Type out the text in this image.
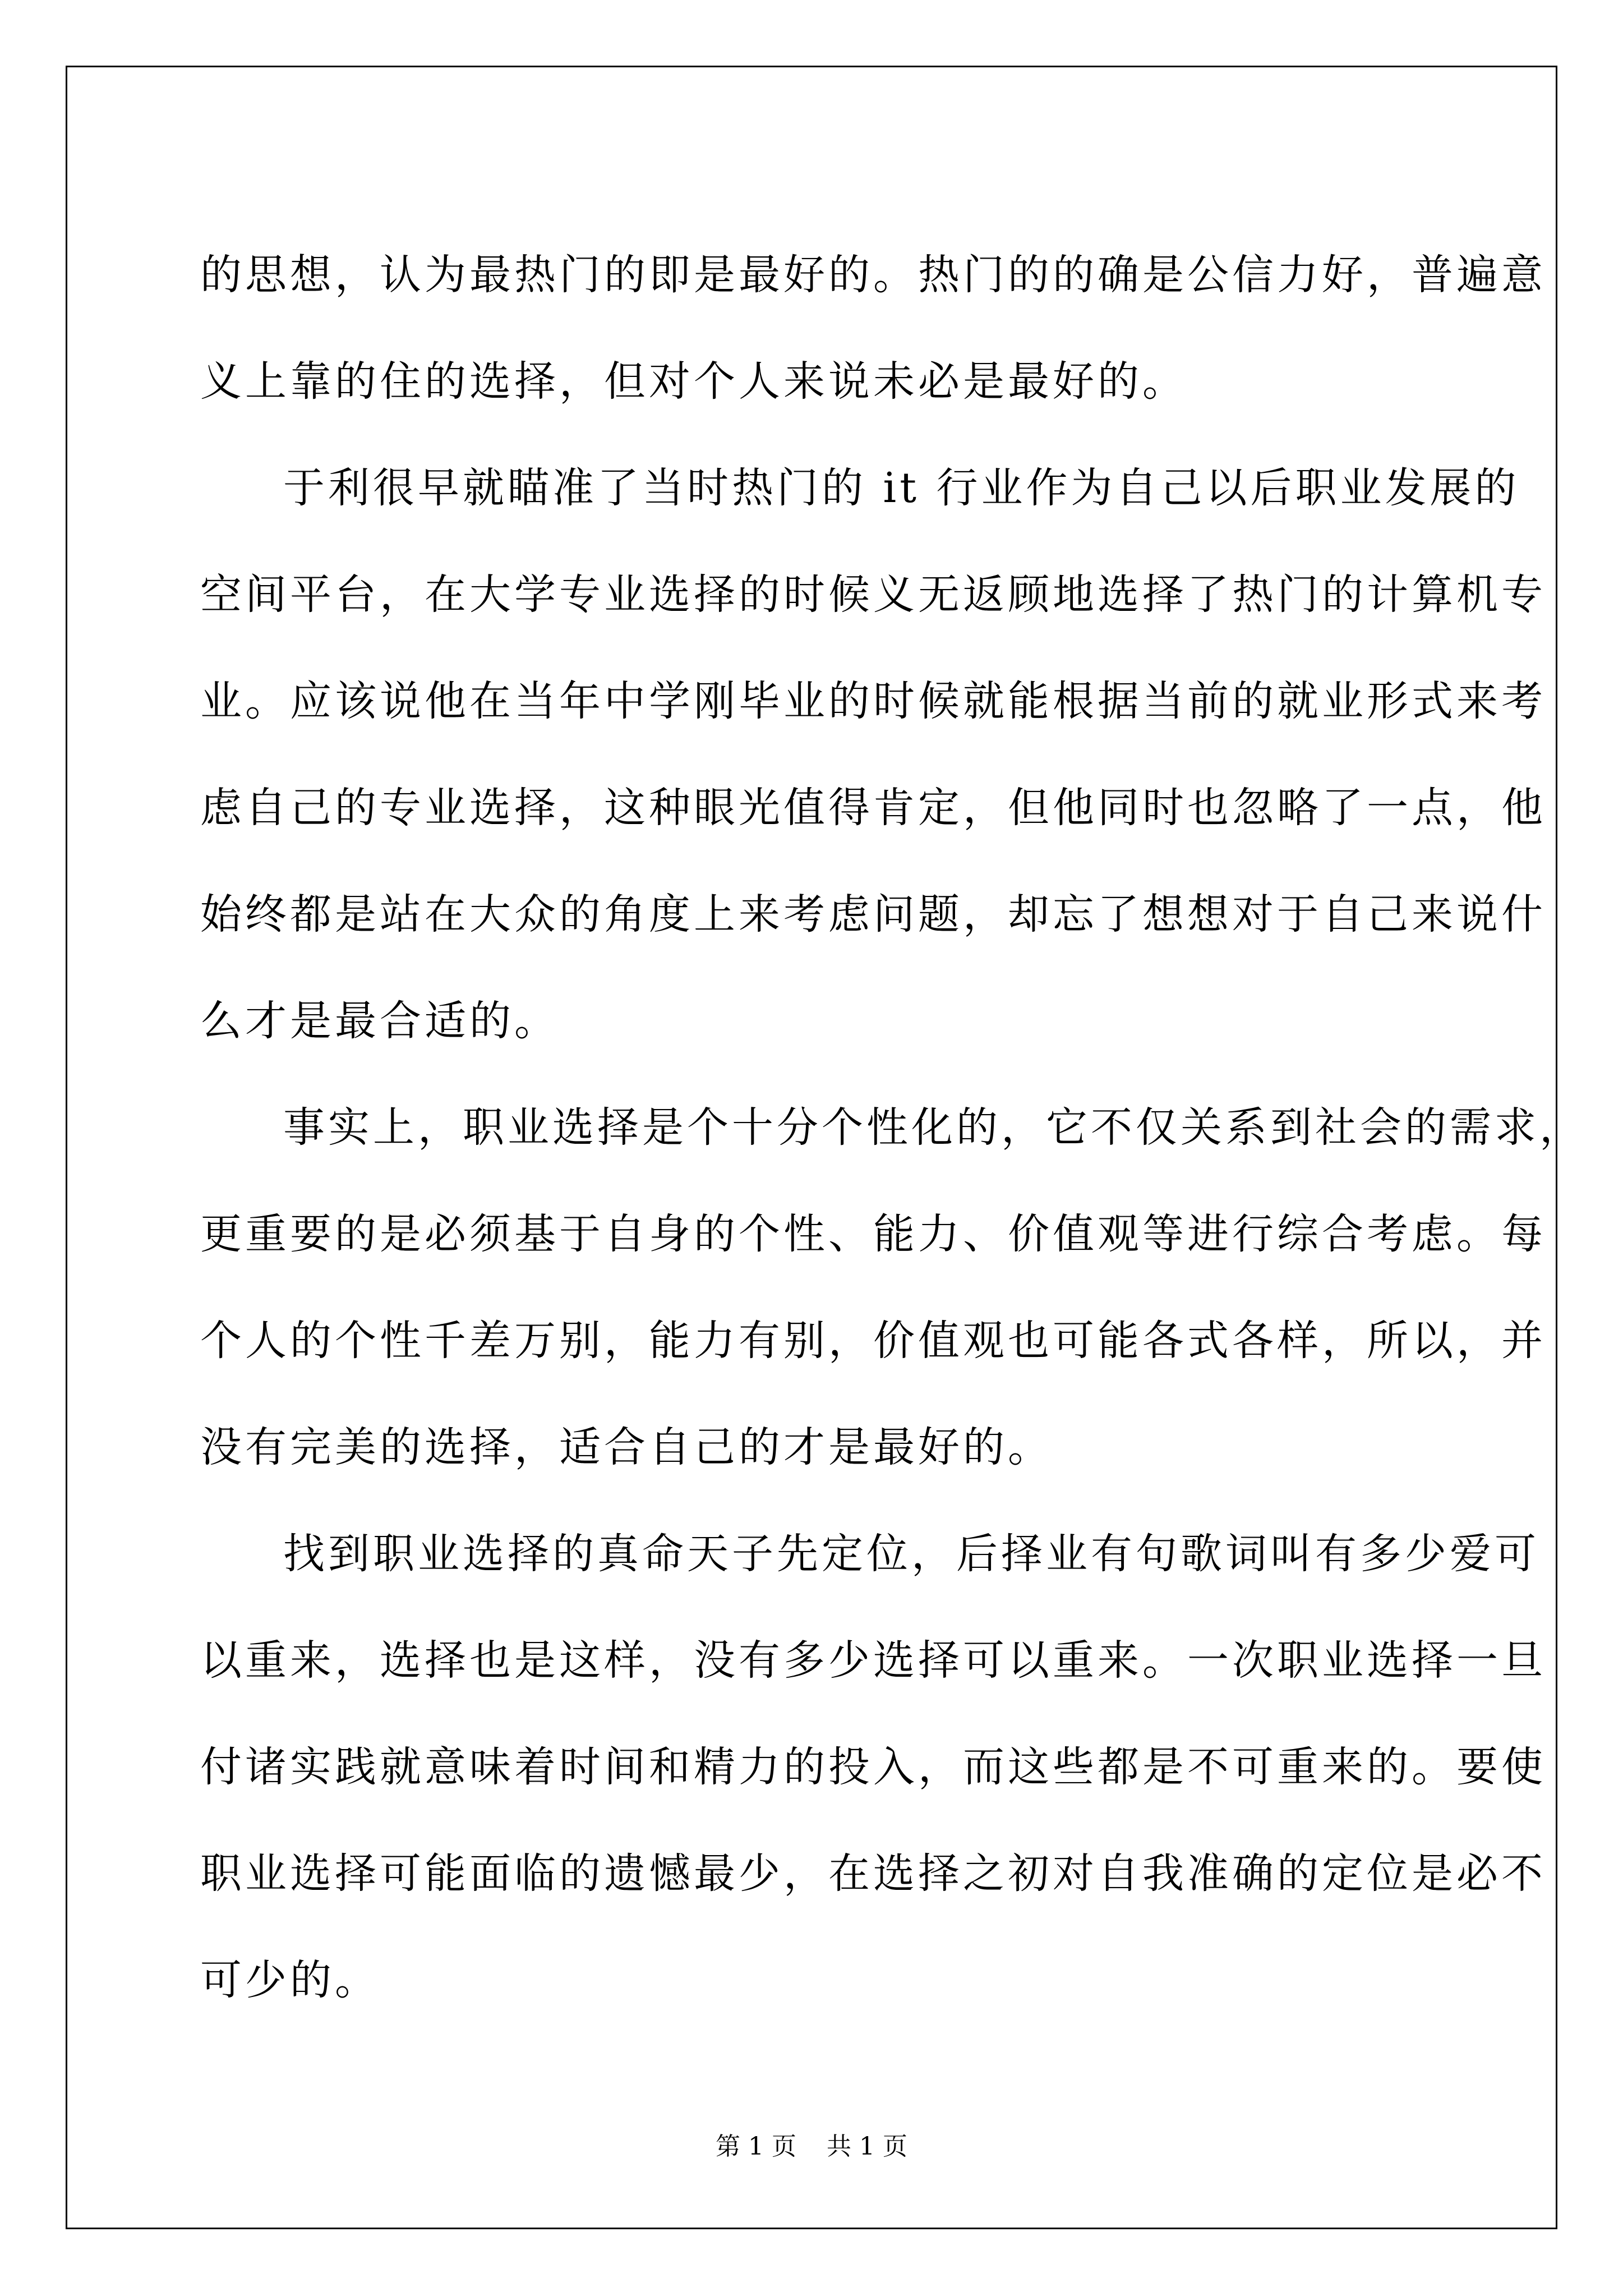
的思想，认为最热门的即是最好的。热门的的确是公信力好，普遍意
义上靠的住的选择，但对个人来说未必是最好的。
于利很早就瞄准了当时热门的 it 行业作为自己以后职业发展的
空间平台，在大学专业选择的时候义无返顾地选择了热门的计算机专
业。应该说他在当年中学刚毕业的时候就能根据当前的就业形式来考
虑自己的专业选择，这种眼光值得肯定，但他同时也忽略了一点，他
始终都是站在大众的角度上来考虑问题，却忘了想想对于自己来说什
么才是最合适的。
事实上，职业选择是个十分个性化的，它不仅关系到社会的需求，
更重要的是必须基于自身的个性、能力、价值观等进行综合考虑。每
个人的个性千差万别，能力有别，价值观也可能各式各样，所以，并
没有完美的选择，适合自己的才是最好的。
找到职业选择的真命天子先定位，后择业有句歌词叫有多少爱可
以重来，选择也是这样，没有多少选择可以重来。一次职业选择一旦
付诸实践就意味着时间和精力的投入，而这些都是不可重来的。要使
职业选择可能面临的遗憾最少，在选择之初对自我准确的定位是必不
可少的。
第 1 页 共 1 页
